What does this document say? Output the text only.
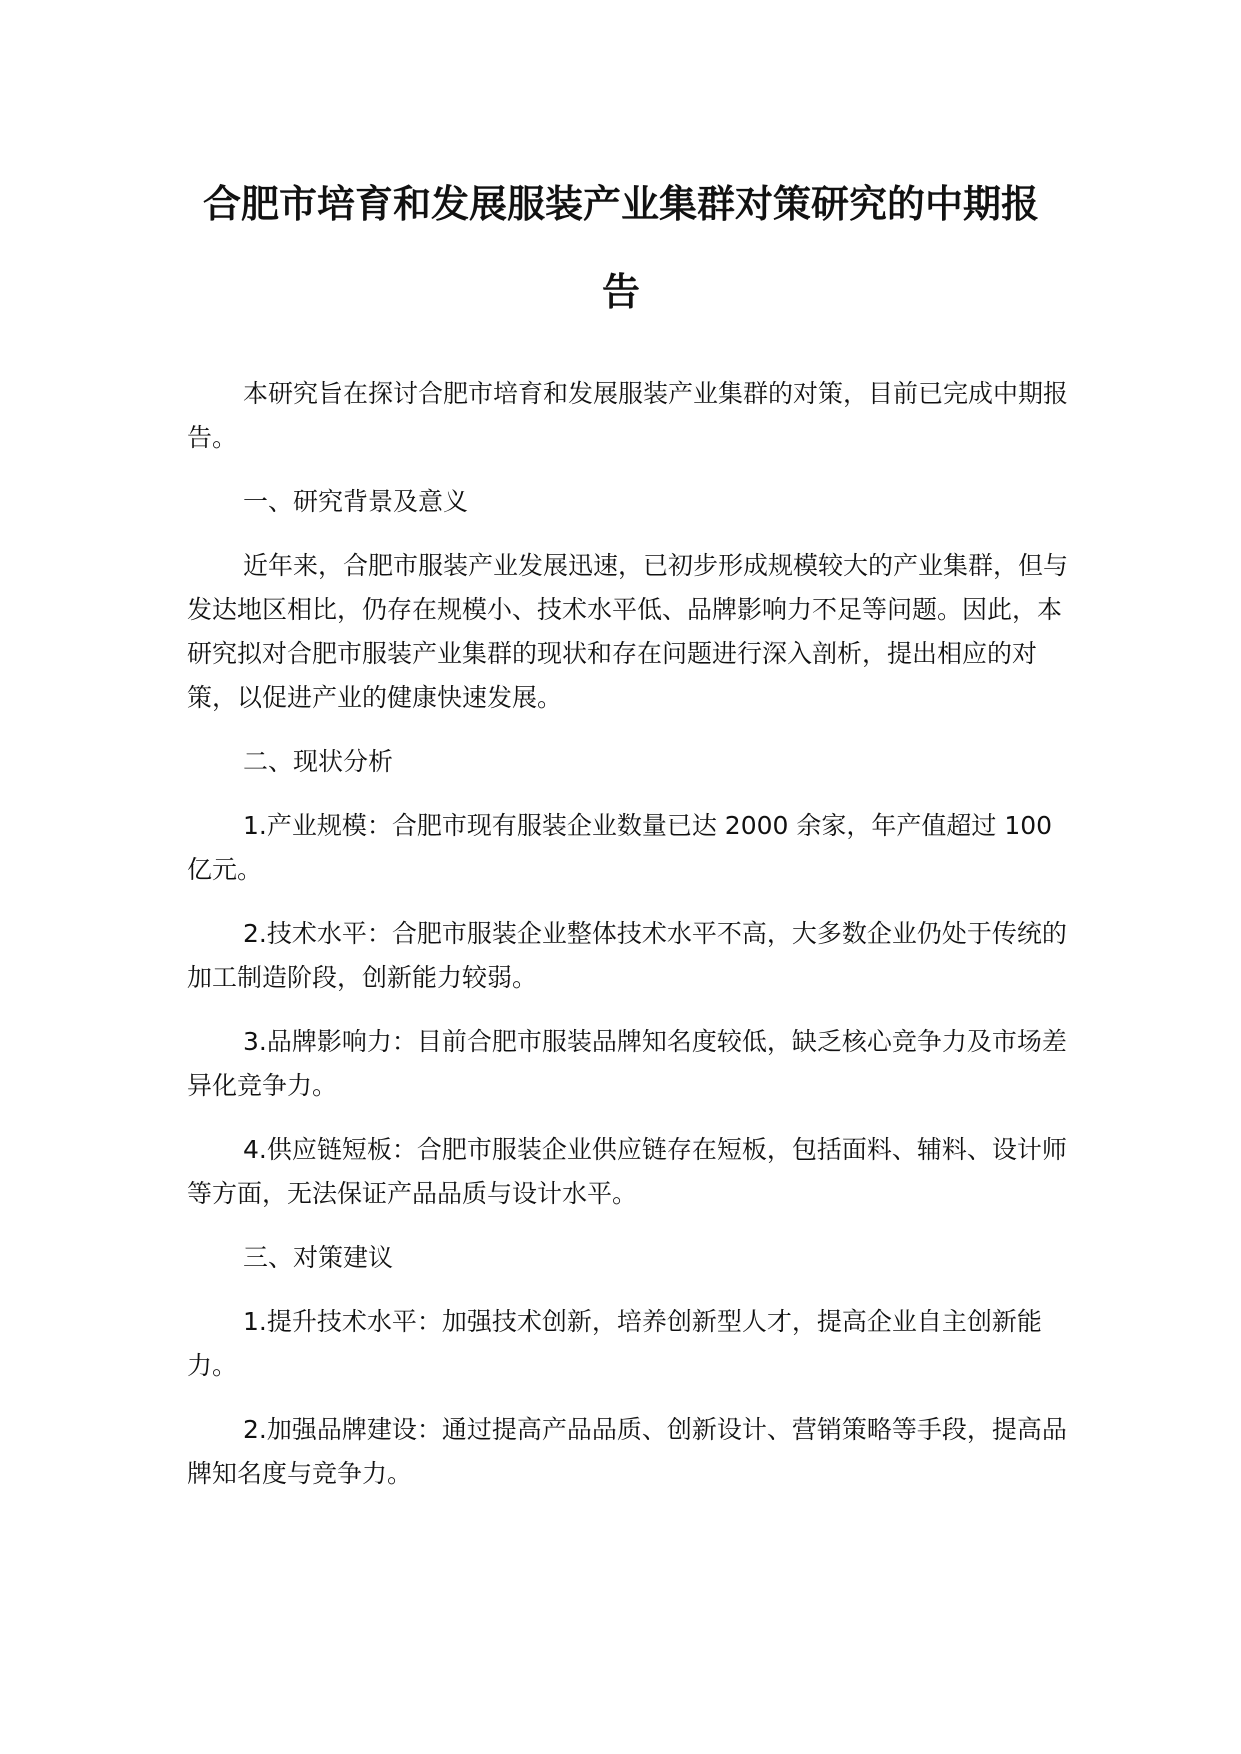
合肥市培育和发展服装产业集群对策研究的中期报告

本研究旨在探讨合肥市培育和发展服装产业集群的对策，目前已完成中期报告。

一、研究背景及意义

近年来，合肥市服装产业发展迅速，已初步形成规模较大的产业集群，但与发达地区相比，仍存在规模小、技术水平低、品牌影响力不足等问题。因此，本研究拟对合肥市服装产业集群的现状和存在问题进行深入剖析，提出相应的对策，以促进产业的健康快速发展。

二、现状分析

1.产业规模：合肥市现有服装企业数量已达 2000 余家，年产值超过 100 亿元。

2.技术水平：合肥市服装企业整体技术水平不高，大多数企业仍处于传统的加工制造阶段，创新能力较弱。

3.品牌影响力：目前合肥市服装品牌知名度较低，缺乏核心竞争力及市场差异化竞争力。

4.供应链短板：合肥市服装企业供应链存在短板，包括面料、辅料、设计师等方面，无法保证产品品质与设计水平。

三、对策建议

1.提升技术水平：加强技术创新，培养创新型人才，提高企业自主创新能力。

2.加强品牌建设：通过提高产品品质、创新设计、营销策略等手段，提高品牌知名度与竞争力。
